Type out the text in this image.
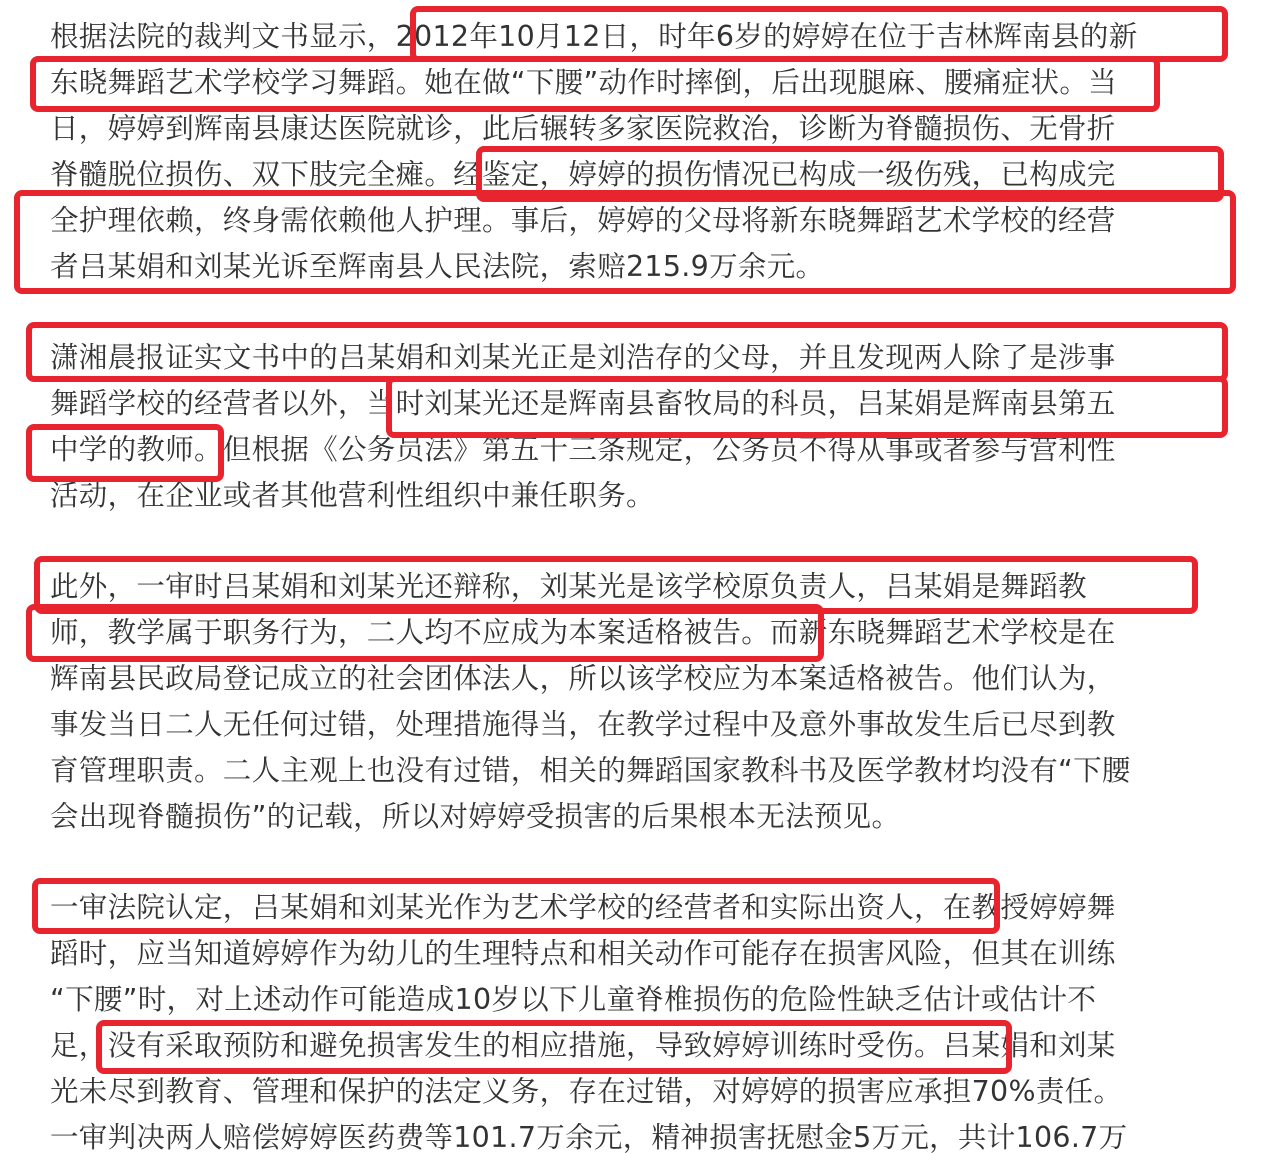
根据法院的裁判文书显示，2012年10月12日，时年6岁的婷婷在位于吉林辉南县的新
东晓舞蹈艺术学校学习舞蹈。她在做“下腰”动作时摔倒，后出现腿麻、腰痛症状。当
日，婷婷到辉南县康达医院就诊，此后辗转多家医院救治，诊断为脊髓损伤、无骨折
脊髓脱位损伤、双下肢完全瘫。经鉴定，婷婷的损伤情况已构成一级伤残，已构成完
全护理依赖，终身需依赖他人护理。事后，婷婷的父母将新东晓舞蹈艺术学校的经营
者吕某娟和刘某光诉至辉南县人民法院，索赔215.9万余元。
潇湘晨报证实文书中的吕某娟和刘某光正是刘浩存的父母，并且发现两人除了是涉事
舞蹈学校的经营者以外，当时刘某光还是辉南县畜牧局的科员，吕某娟是辉南县第五
中学的教师。但根据《公务员法》第五十三条规定，公务员不得从事或者参与营利性
活动，在企业或者其他营利性组织中兼任职务。
此外，一审时吕某娟和刘某光还辩称，刘某光是该学校原负责人，吕某娟是舞蹈教
师，教学属于职务行为，二人均不应成为本案适格被告。而新东晓舞蹈艺术学校是在
辉南县民政局登记成立的社会团体法人，所以该学校应为本案适格被告。他们认为，
事发当日二人无任何过错，处理措施得当，在教学过程中及意外事故发生后已尽到教
育管理职责。二人主观上也没有过错，相关的舞蹈国家教科书及医学教材均没有“下腰
会出现脊髓损伤”的记载，所以对婷婷受损害的后果根本无法预见。
一审法院认定，吕某娟和刘某光作为艺术学校的经营者和实际出资人，在教授婷婷舞
蹈时，应当知道婷婷作为幼儿的生理特点和相关动作可能存在损害风险，但其在训练
“下腰”时，对上述动作可能造成10岁以下儿童脊椎损伤的危险性缺乏估计或估计不
足，没有采取预防和避免损害发生的相应措施，导致婷婷训练时受伤。吕某娟和刘某
光未尽到教育、管理和保护的法定义务，存在过错，对婷婷的损害应承担70%责任。
一审判决两人赔偿婷婷医药费等101.7万余元，精神损害抚慰金5万元，共计106.7万
